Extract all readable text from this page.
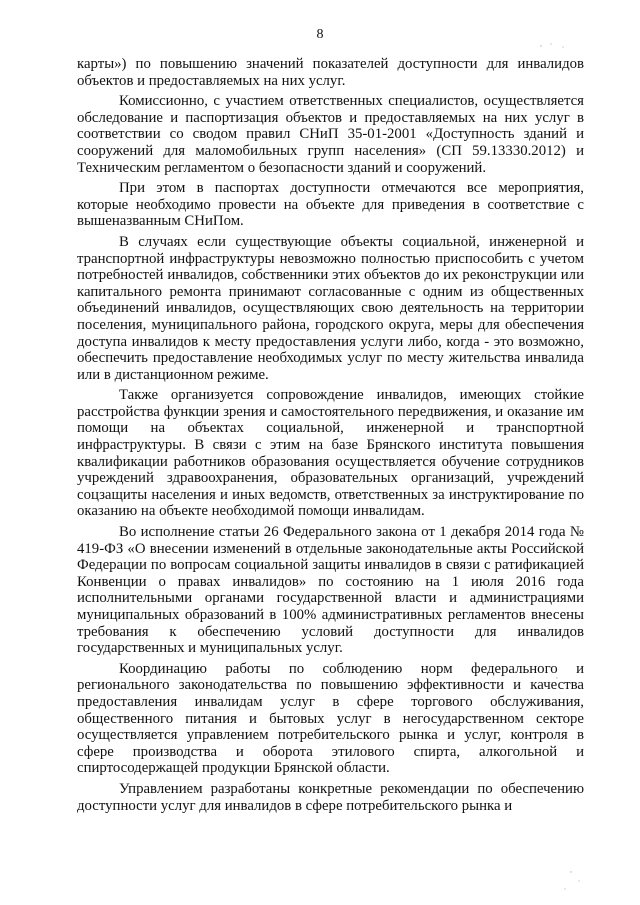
8

карты») по повышению значений показателей доступности для инвалидов объектов и предоставляемых на них услуг.

Комиссионно, с участием ответственных специалистов, осуществляется обследование и паспортизация объектов и предоставляемых на них услуг в соответствии со сводом правил СНиП 35-01-2001 «Доступность зданий и сооружений для маломобильных групп населения» (СП 59.13330.2012) и Техническим регламентом о безопасности зданий и сооружений.

При этом в паспортах доступности отмечаются все мероприятия, которые необходимо провести на объекте для приведения в соответствие с вышеназванным СНиПом.

В случаях если существующие объекты социальной, инженерной и транспортной инфраструктуры невозможно полностью приспособить с учетом потребностей инвалидов, собственники этих объектов до их реконструкции или капитального ремонта принимают согласованные с одним из общественных объединений инвалидов, осуществляющих свою деятельность на территории поселения, муниципального района, городского округа, меры для обеспечения доступа инвалидов к месту предоставления услуги либо, когда - это возможно, обеспечить предоставление необходимых услуг по месту жительства инвалида или в дистанционном режиме.

Также организуется сопровождение инвалидов, имеющих стойкие расстройства функции зрения и самостоятельного передвижения, и оказание им помощи на объектах социальной, инженерной и транспортной инфраструктуры. В связи с этим на базе Брянского института повышения квалификации работников образования осуществляется обучение сотрудников учреждений здравоохранения, образовательных организаций, учреждений соцзащиты населения и иных ведомств, ответственных за инструктирование по оказанию на объекте необходимой помощи инвалидам.

Во исполнение статьи 26 Федерального закона от 1 декабря 2014 года № 419-ФЗ «О внесении изменений в отдельные законодательные акты Российской Федерации по вопросам социальной защиты инвалидов в связи с ратификацией Конвенции о правах инвалидов» по состоянию на 1 июля 2016 года исполнительными органами государственной власти и администрациями муниципальных образований в 100% административных регламентов внесены требования к обеспечению условий доступности для инвалидов государственных и муниципальных услуг.

Координацию работы по соблюдению норм федерального и регионального законодательства по повышению эффективности и качества предоставления инвалидам услуг в сфере торгового обслуживания, общественного питания и бытовых услуг в негосударственном секторе осуществляется управлением потребительского рынка и услуг, контроля в сфере производства и оборота этилового спирта, алкогольной и спиртосодержащей продукции Брянской области.

Управлением разработаны конкретные рекомендации по обеспечению доступности услуг для инвалидов в сфере потребительского рынка и
